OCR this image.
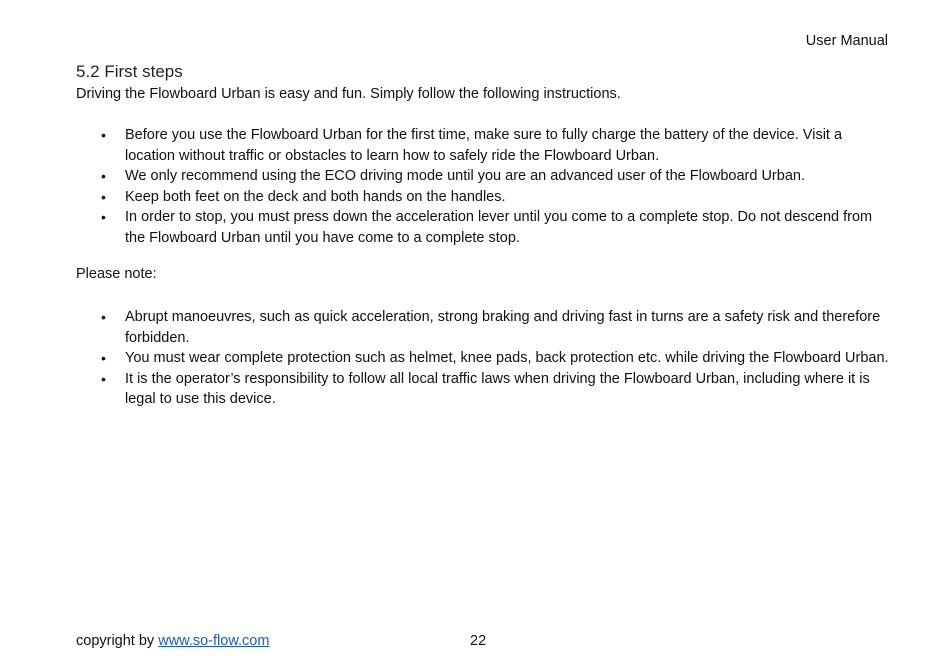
User Manual
5.2 First steps

Driving the Flowboard Urban is easy and fun. Simply follow the following instructions.

• Before you use the Flowboard Urban for the first time, make sure to fully charge the battery of the device. Visit a location without traffic or obstacles to learn how to safely ride the Flowboard Urban.
• We only recommend using the ECO driving mode until you are an advanced user of the Flowboard Urban.
• Keep both feet on the deck and both hands on the handles.
• In order to stop, you must press down the acceleration lever until you come to a complete stop. Do not descend from the Flowboard Urban until you have come to a complete stop.

Please note:

• Abrupt manoeuvres, such as quick acceleration, strong braking and driving fast in turns are a safety risk and therefore forbidden.
• You must wear complete protection such as helmet, knee pads, back protection etc. while driving the Flowboard Urban.
• It is the operator’s responsibility to follow all local traffic laws when driving the Flowboard Urban, including where it is legal to use this device.
copyright by www.so-flow.com	22
